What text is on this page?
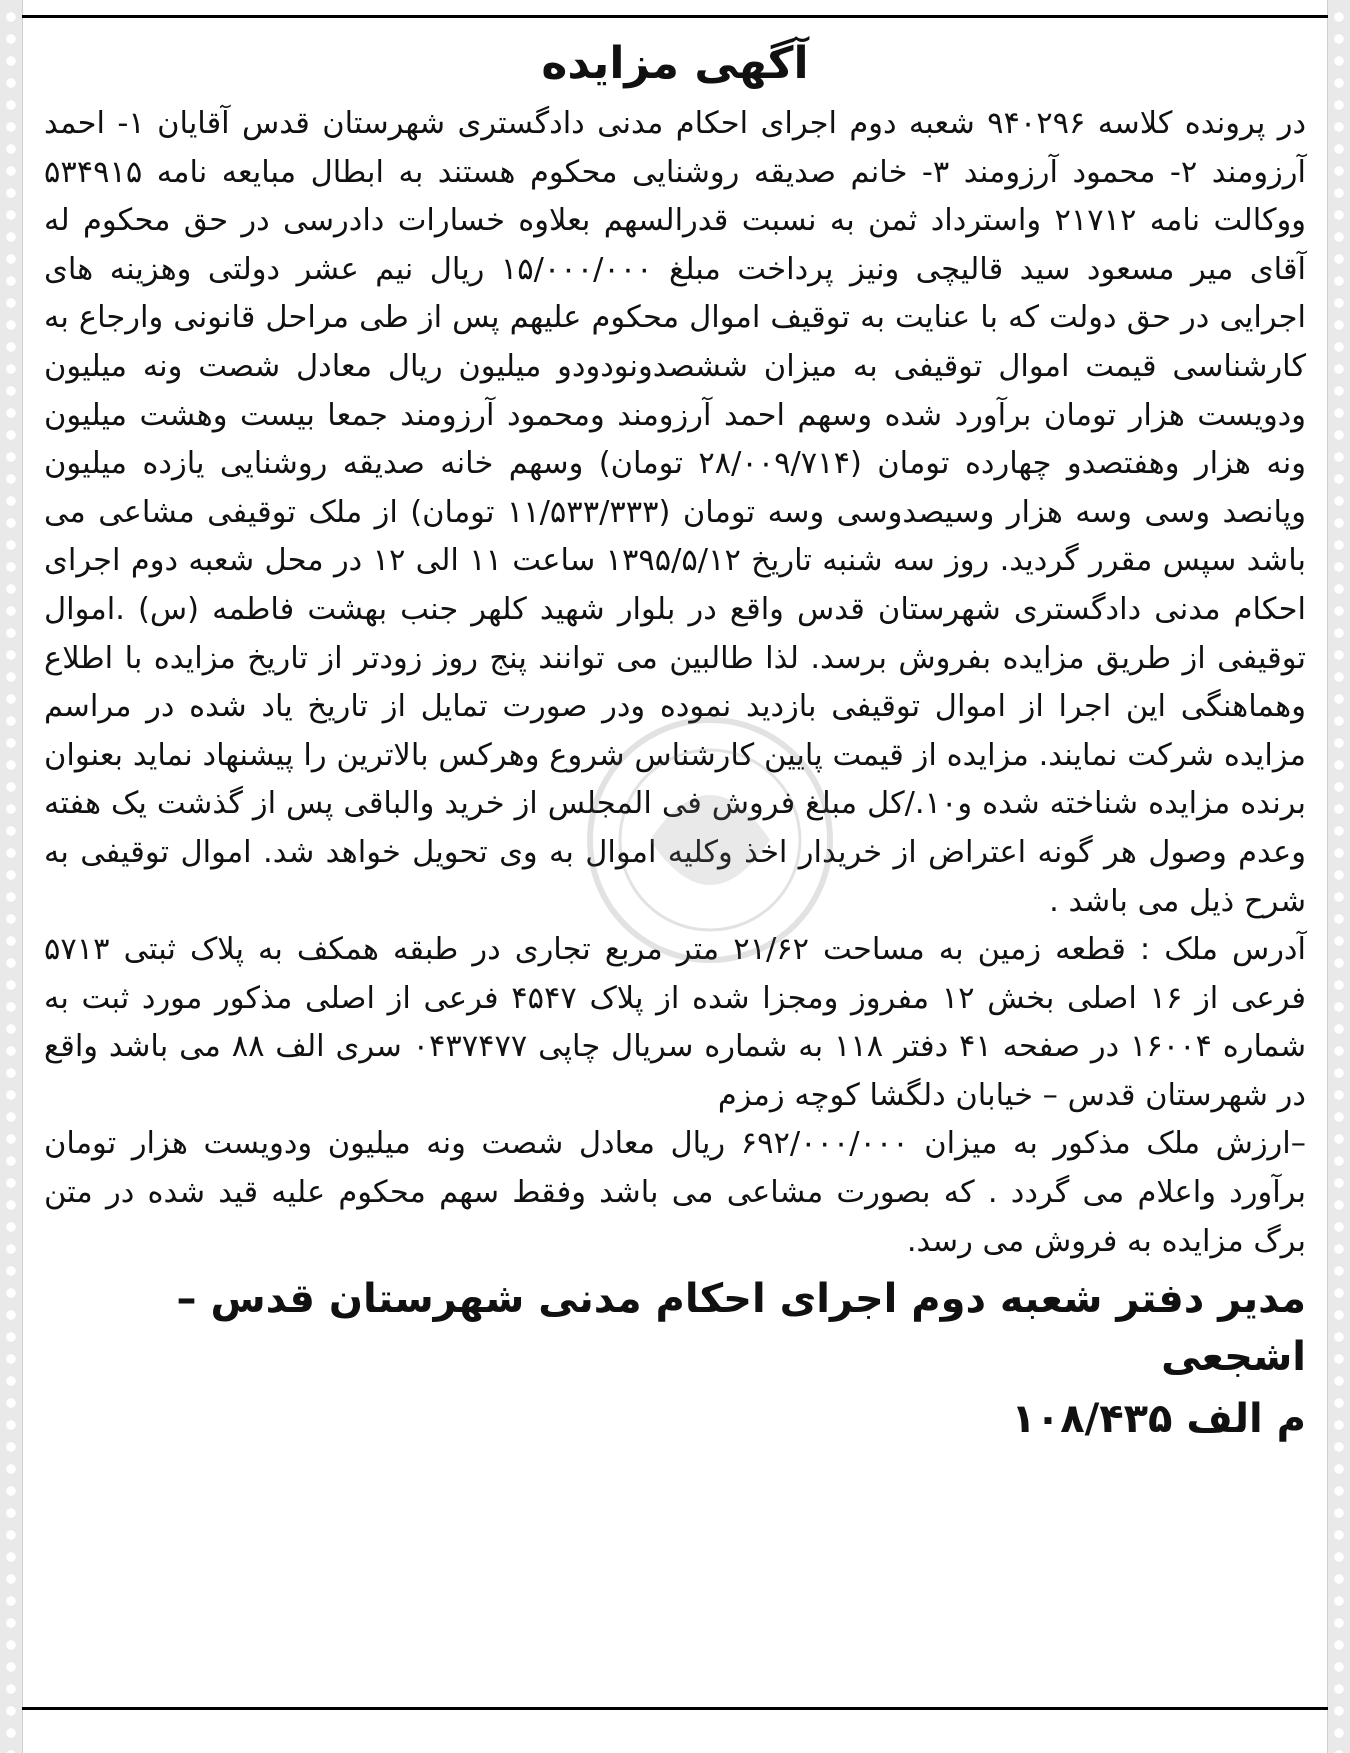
آگهی مزایده

در پرونده کلاسه ۹۴۰۲۹۶ شعبه دوم اجرای احکام مدنی دادگستری شهرستان قدس آقایان ۱- احمد آرزومند ۲- محمود آرزومند ۳- خانم صدیقه روشنایی محکوم هستند به ابطال مبایعه نامه ۵۳۴۹۱۵ ووکالت نامه ۲۱۷۱۲ واسترداد ثمن به نسبت قدرالسهم بعلاوه خسارات دادرسی در حق محکوم له آقای میر مسعود سید قالیچی ونیز پرداخت مبلغ ۱۵/۰۰۰/۰۰۰ ریال نیم عشر دولتی وهزینه های اجرایی در حق دولت که با عنایت به توقیف اموال محکوم علیهم پس از طی مراحل قانونی وارجاع به کارشناسی قیمت اموال توقیفی به میزان ششصدونودودو میلیون ریال معادل شصت ونه میلیون ودویست هزار تومان برآورد شده وسهم احمد آرزومند ومحمود آرزومند جمعا بیست وهشت میلیون ونه هزار وهفتصدو چهارده تومان (۲۸/۰۰۹/۷۱۴ تومان) وسهم خانه صدیقه روشنایی یازده میلیون وپانصد وسی وسه هزار وسیصدوسی وسه تومان (۱۱/۵۳۳/۳۳۳ تومان) از ملک توقیفی مشاعی می باشد سپس مقرر گردید. روز سه شنبه تاریخ ۱۳۹۵/۵/۱۲ ساعت ۱۱ الی ۱۲ در محل شعبه دوم اجرای احکام مدنی دادگستری شهرستان قدس واقع در بلوار شهید کلهر جنب بهشت فاطمه (س) .اموال توقیفی از طریق مزایده بفروش برسد. لذا طالبین می توانند پنج روز زودتر از تاریخ مزایده با اطلاع وهماهنگی این اجرا از اموال توقیفی بازدید نموده ودر صورت تمایل از تاریخ یاد شده در مراسم مزایده شرکت نمایند. مزایده از قیمت پایین کارشناس شروع وهرکس بالاترین را پیشنهاد نماید بعنوان برنده مزایده شناخته شده و۱۰./کل مبلغ فروش فی المجلس از خرید والباقی پس از گذشت یک هفته وعدم وصول هر گونه اعتراض از خریدار اخذ وکلیه اموال به وی تحویل خواهد شد. اموال توقیفی به شرح ذیل می باشد .

آدرس ملک : قطعه زمین به مساحت ۲۱/۶۲ متر مربع تجاری در طبقه همکف به پلاک ثبتی ۵۷۱۳ فرعی از ۱۶ اصلی بخش ۱۲ مفروز ومجزا شده از پلاک ۴۵۴۷ فرعی از اصلی مذکور مورد ثبت به شماره ۱۶۰۰۴ در صفحه ۴۱ دفتر ۱۱۸ به شماره سریال چاپی ۰۴۳۷۴۷۷ سری الف ۸۸ می باشد واقع در شهرستان قدس – خیابان دلگشا کوچه زمزم

–ارزش ملک مذکور به میزان ۶۹۲/۰۰۰/۰۰۰ ریال معادل شصت ونه میلیون ودویست هزار تومان برآورد واعلام می گردد . که بصورت مشاعی می باشد وفقط سهم محکوم علیه قید شده در متن برگ مزایده به فروش می رسد.

مدیر دفتر شعبه دوم اجرای احکام مدنی شهرستان قدس – اشجعی

م الف ۱۰۸/۴۳۵
